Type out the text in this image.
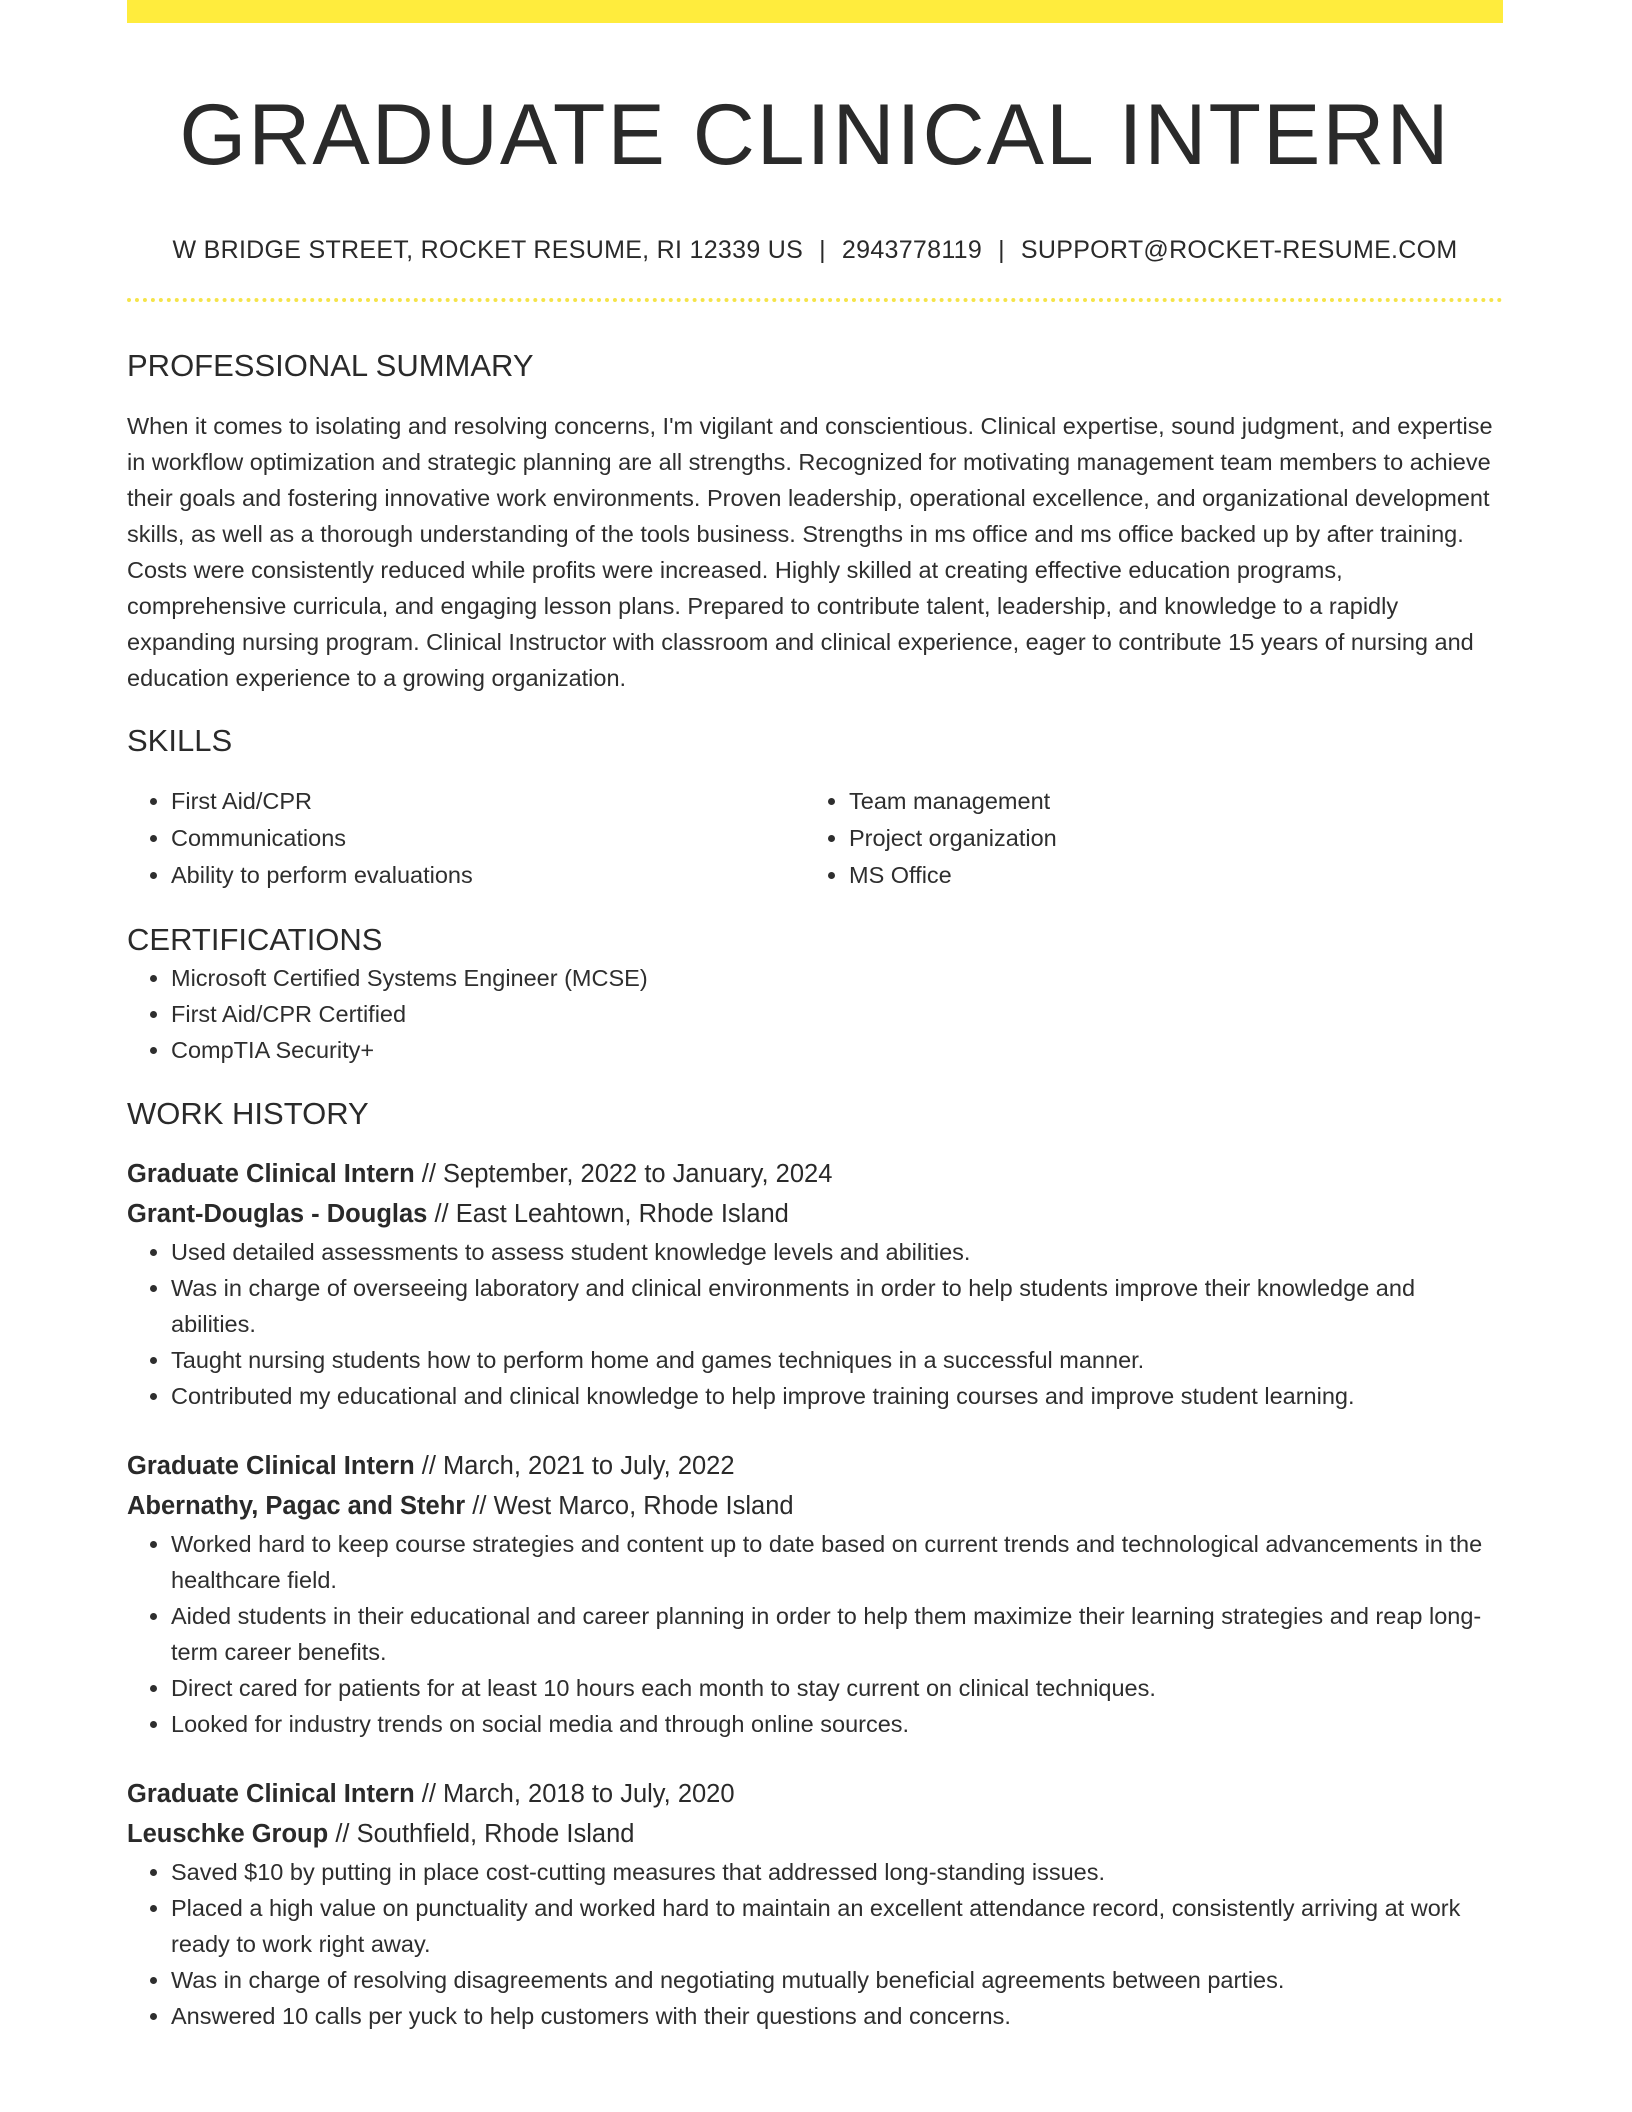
GRADUATE CLINICAL INTERN
W BRIDGE STREET, ROCKET RESUME, RI 12339 US | 2943778119 | SUPPORT@ROCKET-RESUME.COM
PROFESSIONAL SUMMARY

When it comes to isolating and resolving concerns, I'm vigilant and conscientious. Clinical expertise, sound judgment, and expertise in workflow optimization and strategic planning are all strengths. Recognized for motivating management team members to achieve their goals and fostering innovative work environments. Proven leadership, operational excellence, and organizational development skills, as well as a thorough understanding of the tools business. Strengths in ms office and ms office backed up by after training. Costs were consistently reduced while profits were increased. Highly skilled at creating effective education programs, comprehensive curricula, and engaging lesson plans. Prepared to contribute talent, leadership, and knowledge to a rapidly expanding nursing program. Clinical Instructor with classroom and clinical experience, eager to contribute 15 years of nursing and education experience to a growing organization.

SKILLS
• First Aid/CPR
• Communications
• Ability to perform evaluations
• Team management
• Project organization
• MS Office
CERTIFICATIONS
• Microsoft Certified Systems Engineer (MCSE)
• First Aid/CPR Certified
• CompTIA Security+
WORK HISTORY
Graduate Clinical Intern // September, 2022 to January, 2024
Grant-Douglas - Douglas // East Leahtown, Rhode Island
• Used detailed assessments to assess student knowledge levels and abilities.
• Was in charge of overseeing laboratory and clinical environments in order to help students improve their knowledge and abilities.
• Taught nursing students how to perform home and games techniques in a successful manner.
• Contributed my educational and clinical knowledge to help improve training courses and improve student learning.
Graduate Clinical Intern // March, 2021 to July, 2022
Abernathy, Pagac and Stehr // West Marco, Rhode Island
• Worked hard to keep course strategies and content up to date based on current trends and technological advancements in the healthcare field.
• Aided students in their educational and career planning in order to help them maximize their learning strategies and reap long-term career benefits.
• Direct cared for patients for at least 10 hours each month to stay current on clinical techniques.
• Looked for industry trends on social media and through online sources.
Graduate Clinical Intern // March, 2018 to July, 2020
Leuschke Group // Southfield, Rhode Island
• Saved $10 by putting in place cost-cutting measures that addressed long-standing issues.
• Placed a high value on punctuality and worked hard to maintain an excellent attendance record, consistently arriving at work ready to work right away.
• Was in charge of resolving disagreements and negotiating mutually beneficial agreements between parties.
• Answered 10 calls per yuck to help customers with their questions and concerns.
